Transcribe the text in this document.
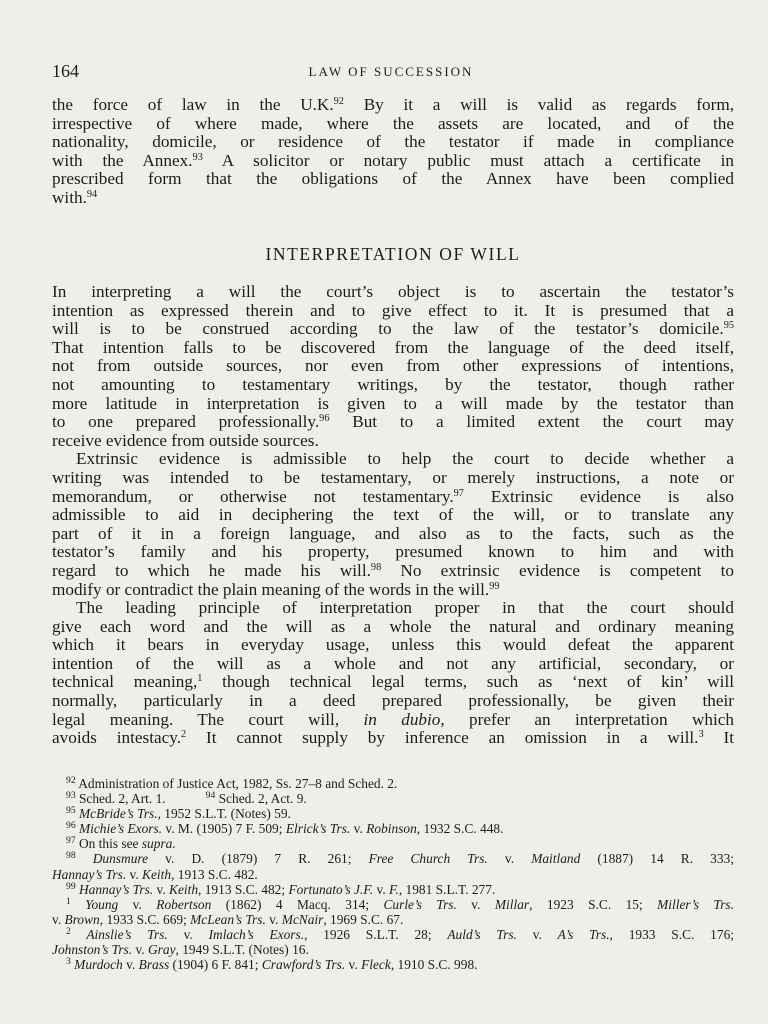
164	LAW OF SUCCESSION
the force of law in the U.K.$^{92}$ By it a will is valid as regards form,
irrespective of where made, where the assets are located, and of the
nationality, domicile, or residence of the testator if made in compliance
with the Annex.$^{93}$ A solicitor or notary public must attach a certificate in
prescribed form that the obligations of the Annex have been complied
with.$^{94}$
INTERPRETATION OF WILL
In interpreting a will the court’s object is to ascertain the testator’s
intention as expressed therein and to give effect to it. It is presumed that a
will is to be construed according to the law of the testator’s domicile.$^{95}$
That intention falls to be discovered from the language of the deed itself,
not from outside sources, nor even from other expressions of intentions,
not amounting to testamentary writings, by the testator, though rather
more latitude in interpretation is given to a will made by the testator than
to one prepared professionally.$^{96}$ But to a limited extent the court may
receive evidence from outside sources.
Extrinsic evidence is admissible to help the court to decide whether a
writing was intended to be testamentary, or merely instructions, a note or
memorandum, or otherwise not testamentary.$^{97}$ Extrinsic evidence is also
admissible to aid in deciphering the text of the will, or to translate any
part of it in a foreign language, and also as to the facts, such as the
testator’s family and his property, presumed known to him and with
regard to which he made his will.$^{98}$ No extrinsic evidence is competent to
modify or contradict the plain meaning of the words in the will.$^{99}$
The leading principle of interpretation proper in that the court should
give each word and the will as a whole the natural and ordinary meaning
which it bears in everyday usage, unless this would defeat the apparent
intention of the will as a whole and not any artificial, secondary, or
technical meaning,$^1$ though technical legal terms, such as ‘next of kin’ will
normally, particularly in a deed prepared professionally, be given their
legal meaning. The court will, in dubio, prefer an interpretation which
avoids intestacy.$^2$ It cannot supply by inference an omission in a will.$^3$ It
$^{92}$ Administration of Justice Act, 1982, Ss. 27–8 and Sched. 2.
$^{93}$ Sched. 2, Art. 1.	$^{94}$ Sched. 2, Act. 9.
$^{95}$ McBride’s Trs., 1952 S.L.T. (Notes) 59.
$^{96}$ Michie’s Exors. v. M. (1905) 7 F. 509; Elrick’s Trs. v. Robinson, 1932 S.C. 448.
$^{97}$ On this see supra.
$^{98}$ Dunsmure v. D. (1879) 7 R. 261; Free Church Trs. v. Maitland (1887) 14 R. 333;
Hannay’s Trs. v. Keith, 1913 S.C. 482.
$^{99}$ Hannay’s Trs. v. Keith, 1913 S.C. 482; Fortunato’s J.F. v. F., 1981 S.L.T. 277.
$^1$ Young v. Robertson (1862) 4 Macq. 314; Curle’s Trs. v. Millar, 1923 S.C. 15; Miller’s Trs.
v. Brown, 1933 S.C. 669; McLean’s Trs. v. McNair, 1969 S.C. 67.
$^2$ Ainslie’s Trs. v. Imlach’s Exors., 1926 S.L.T. 28; Auld’s Trs. v. A’s Trs., 1933 S.C. 176;
Johnston’s Trs. v. Gray, 1949 S.L.T. (Notes) 16.
$^3$ Murdoch v. Brass (1904) 6 F. 841; Crawford’s Trs. v. Fleck, 1910 S.C. 998.
